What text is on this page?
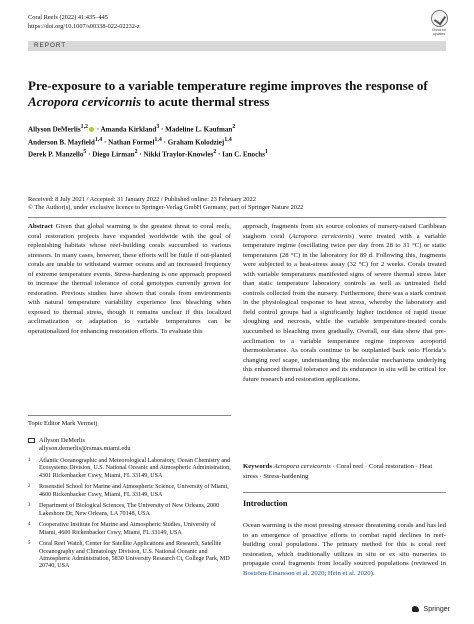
Coral Reefs (2022) 41:435–445
https://doi.org/10.1007/s00338-022-02232-z	Check for updates
REPORT
Pre-exposure to a variable temperature regime improves the response of Acropora cervicornis to acute thermal stress
Allyson DeMerlis$^{1,2}$ · Amanda Kirkland$^3$ · Madeline L. Kaufman$^2$
Anderson B. Mayfield$^{1,4}$ · Nathan Formel$^{1,4}$ · Graham Kolodziej$^{1,4}$
Derek P. Manzello$^5$ · Diego Lirman$^2$ · Nikki Traylor-Knowles$^2$ · Ian C. Enochs$^1$
Received: 8 July 2021 / Accepted: 31 January 2022 / Published online: 23 February 2022
© The Author(s), under exclusive licence to Springer-Verlag GmbH Germany, part of Springer Nature 2022
Abstract Given that global warming is the greatest threat to coral reefs, coral restoration projects have expanded worldwide with the goal of replenishing habitats whose reef-building corals succumbed to various stressors. In many cases, however, these efforts will be futile if out-planted corals are unable to withstand warmer oceans and an increased frequency of extreme temperature events. Stress-hardening is one approach proposed to increase the thermal tolerance of coral genotypes currently grown for restoration. Previous studies have shown that corals from environments with natural temperature variability experience less bleaching when exposed to thermal stress, though it remains unclear if this localized acclimatization or adaptation to variable temperatures can be operationalized for enhancing restoration efforts. To evaluate this
approach, fragments from six source colonies of nursery-raised Caribbean staghorn coral (Acropora cervicornis) were treated with a variable temperature regime (oscillating twice per day from 28 to 31 °C) or static temperatures (28 °C) in the laboratory for 89 d. Following this, fragments were subjected to a heat-stress assay (32 °C) for 2 weeks. Corals treated with variable temperatures manifested signs of severe thermal stress later than static temperature laboratory controls as well as untreated field controls collected from the nursery. Furthermore, there was a stark contrast in the physiological response to heat stress, whereby the laboratory and field control groups had a significantly higher incidence of rapid tissue sloughing and necrosis, while the variable temperature-treated corals succumbed to bleaching more gradually. Overall, our data show that pre-acclimation to a variable temperature regime improves acroporid thermotolerance. As corals continue to be outplanted back onto Florida’s changing reef scape, understanding the molecular mechanisms underlying this enhanced thermal tolerance and its endurance in situ will be critical for future research and restoration applications.
Topic Editor Mark Vermeij
Allyson DeMerlis
allyson.demerlis@rsmas.miami.edu
1	Atlantic Oceanographic and Meteorological Laboratory, Ocean Chemistry and Ecosystems Division, U.S. National Oceanic and Atmospheric Administration, 4301 Rickenbacker Cswy, Miami, FL 33149, USA
2	Rosenstiel School for Marine and Atmospheric Science, University of Miami, 4600 Rickenbacker Cswy, Miami, FL 33149, USA
3	Department of Biological Sciences, The University of New Orleans, 2000 Lakeshore Dr, New Orleans, LA 70148, USA
4	Cooperative Institute for Marine and Atmospheric Studies, University of Miami, 4600 Rickenbacker Cswy, Miami, FL 33149, USA
5	Coral Reef Watch, Center for Satellite Applications and Research, Satellite Oceanography and Climatology Division, U.S. National Oceanic and Atmospheric Administration, 5830 University Research Ct, College Park, MD 20740, USA
Keywords Acropora cervicornis · Coral reef · Coral restoration · Heat stress · Stress-hardening
Introduction
Ocean warming is the most pressing stressor threatening corals and has led to an emergence of proactive efforts to combat rapid declines in reef-building coral populations. The primary method for this is coral reef restoration, which traditionally utilizes in situ or ex situ nurseries to propagate coral fragments from locally sourced populations (reviewed in Boström-Einarsson et al. 2020; Hein et al. 2020).
Springer
